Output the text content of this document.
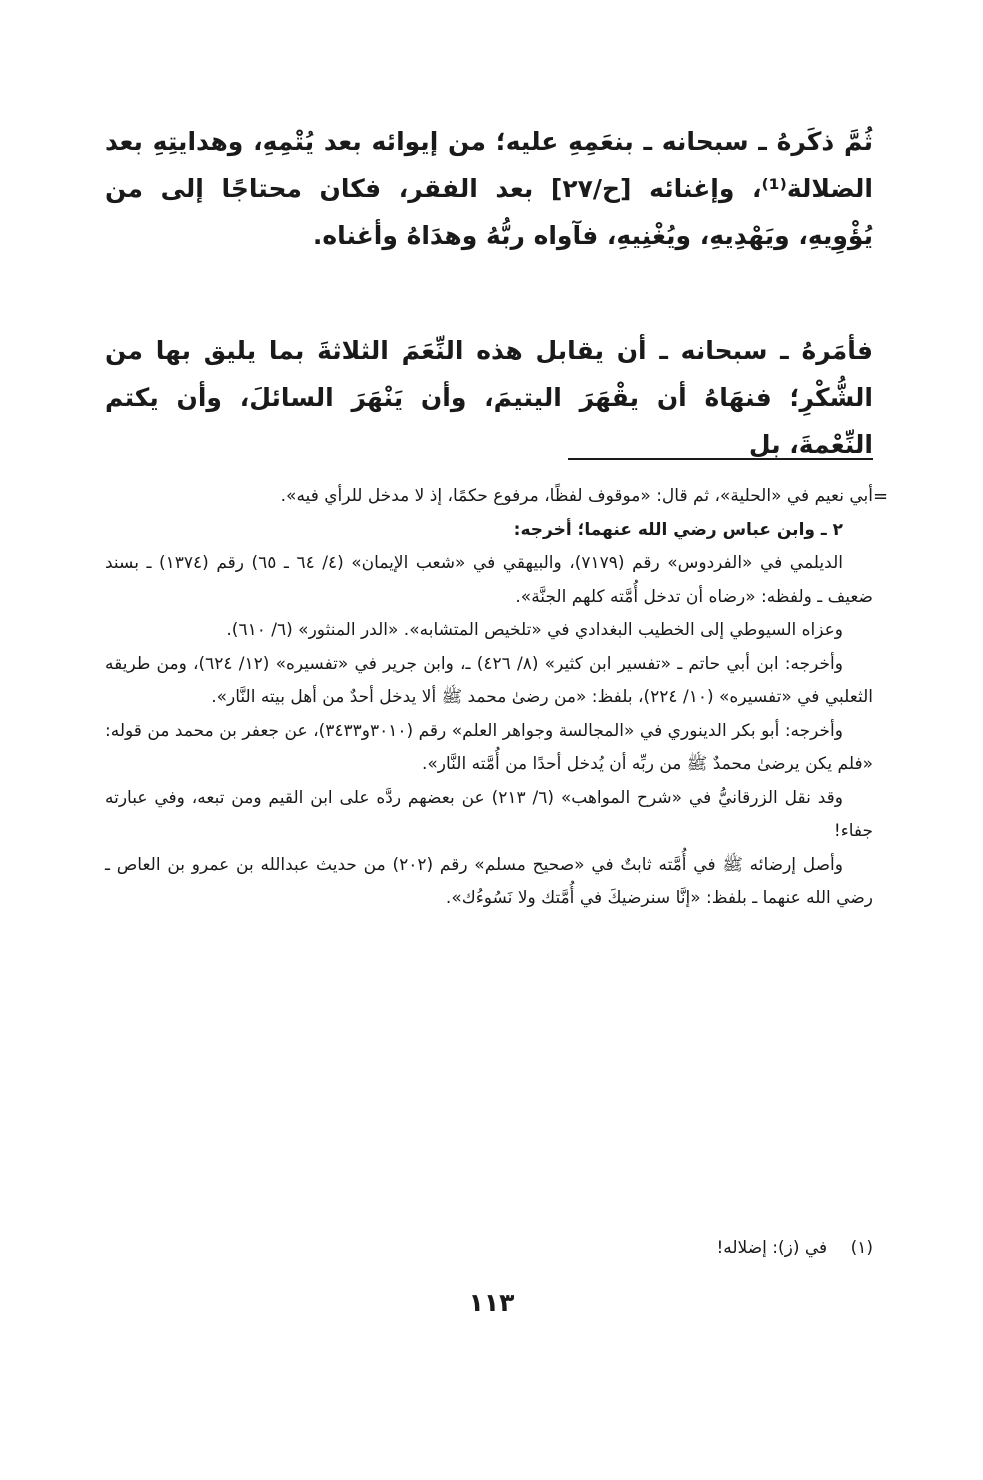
ثُمَّ ذكَرهُ ـ سبحانه ـ بنعَمِهِ عليه؛ من إيوائه بعد يُتْمِهِ، وهدايتِهِ بعد الضلالة⁽¹⁾، وإغنائه [ح/٢٧] بعد الفقر، فكان محتاجًا إلى من يُؤْوِيهِ، ويَهْدِيهِ، ويُغْنِيهِ، فآواه ربُّهُ وهدَاهُ وأغناه.

فأمَرهُ ـ سبحانه ـ أن يقابل هذه النِّعَمَ الثلاثةَ بما يليق بها من الشُّكْرِ؛ فنهَاهُ أن يقْهَرَ اليتيمَ، وأن يَنْهَرَ السائلَ، وأن يكتم النِّعْمةَ، بل

=

أبي نعيم في «الحلية»، ثم قال: «موقوف لفظًا، مرفوع حكمًا، إذ لا مدخل للرأي فيه».

٢ ـ وابن عباس رضي الله عنهما؛ أخرجه:

الديلمي في «الفردوس» رقم (٧١٧٩)، والبيهقي في «شعب الإيمان» (٤/ ٦٤ ـ ٦٥) رقم (١٣٧٤) ـ بسند ضعيف ـ ولفظه: «رضاه أن تدخل أُمَّته كلهم الجنَّة».

وعزاه السيوطي إلى الخطيب البغدادي في «تلخيص المتشابه». «الدر المنثور» (٦/ ٦١٠).

وأخرجه: ابن أبي حاتم ـ «تفسير ابن كثير» (٨/ ٤٢٦) ـ، وابن جرير في «تفسيره» (١٢/ ٦٢٤)، ومن طريقه الثعلبي في «تفسيره» (١٠/ ٢٢٤)، بلفظ: «من رضىٰ محمد ﷺ ألا يدخل أحدٌ من أهل بيته النَّار».

وأخرجه: أبو بكر الدينوري في «المجالسة وجواهر العلم» رقم (٣٠١٠و٣٤٣٣)، عن جعفر بن محمد من قوله: «فلم يكن يرضىٰ محمدٌ ﷺ من ربِّه أن يُدخل أحدًا من أُمَّته النَّار».

وقد نقل الزرقانيُّ في «شرح المواهب» (٦/ ٢١٣) عن بعضهم ردَّه على ابن القيم ومن تبعه، وفي عبارته جفاء!

وأصل إرضائه ﷺ في أُمَّته ثابتٌ في «صحيح مسلم» رقم (٢٠٢) من حديث عبدالله بن عمرو بن العاص ـ رضي الله عنهما ـ بلفظ: «إنَّا سنرضيكَ في أُمَّتك ولا نَسُوءُك».

(١) في (ز): إضلاله!
١١٣
